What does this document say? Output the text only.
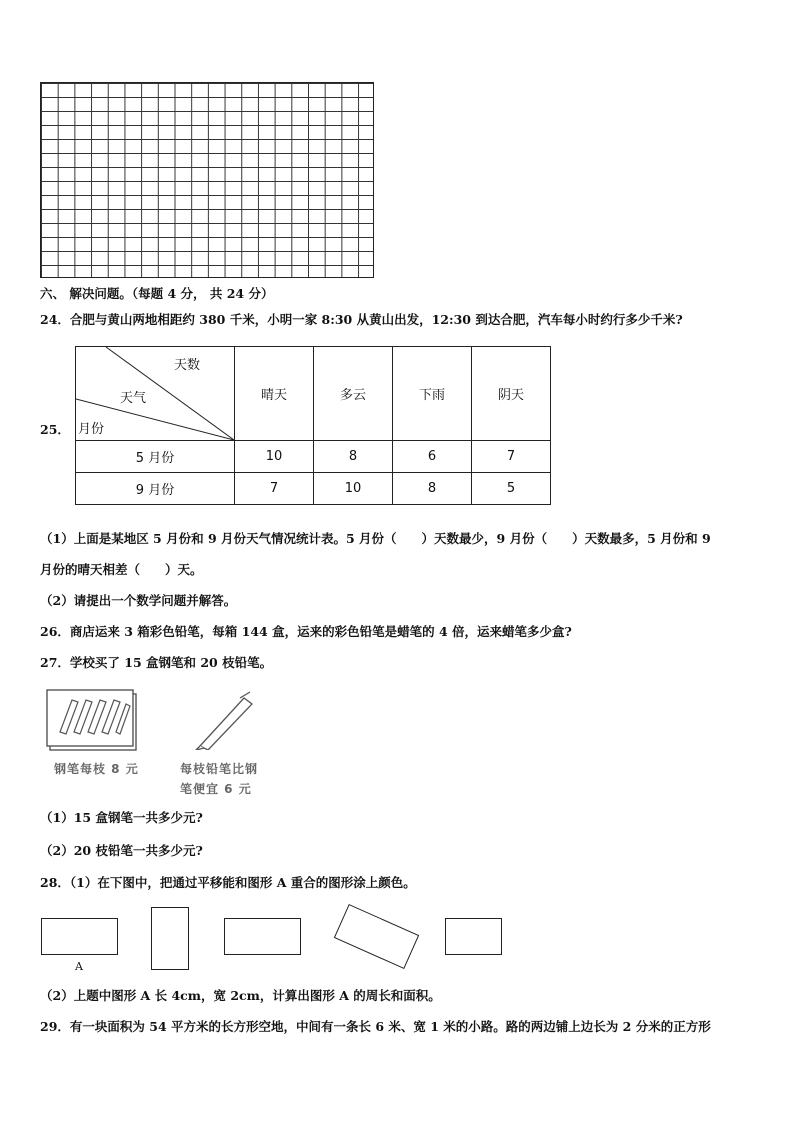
六、 解决问题。（每题 4 分， 共 24 分）
24．合肥与黄山两地相距约 380 千米，小明一家 8:30 从黄山出发，12:30 到达合肥，汽车每小时约行多少千米?
25．
天数
天气
月份	晴天	多云	下雨	阴天
5 月份	10	8	6	7
9 月份	7	10	8	5
（1）上面是某地区 5 月份和 9 月份天气情况统计表。5 月份（　　）天数最少，9 月份（　　）天数最多，5 月份和 9
月份的晴天相差（　　）天。
（2）请提出一个数学问题并解答。
26．商店运来 3 箱彩色铅笔，每箱 144 盒，运来的彩色铅笔是蜡笔的 4 倍，运来蜡笔多少盒?
27．学校买了 15 盒钢笔和 20 枝铅笔。
钢笔每枝 8 元	每枝铅笔比钢
笔便宜 6 元
（1）15 盒钢笔一共多少元?
（2）20 枝铅笔一共多少元?
28．（1）在下图中，把通过平移能和图形 A 重合的图形涂上颜色。
A
（2）上题中图形 A 长 4cm，宽 2cm，计算出图形 A 的周长和面积。
29．有一块面积为 54 平方米的长方形空地，中间有一条长 6 米、宽 1 米的小路。路的两边铺上边长为 2 分米的正方形
